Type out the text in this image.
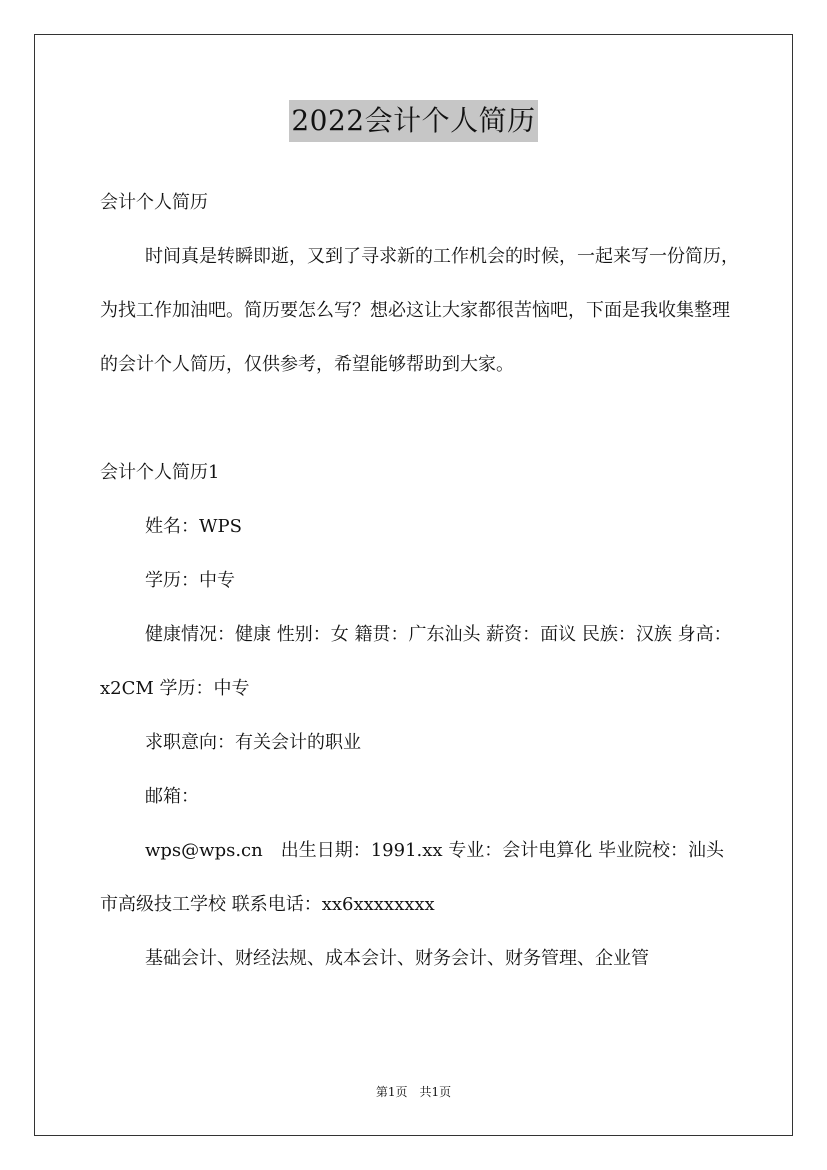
2022会计个人简历

会计个人简历

时间真是转瞬即逝，又到了寻求新的工作机会的时候，一起来写一份简历，为找工作加油吧。简历要怎么写？想必这让大家都很苦恼吧，下面是我收集整理的会计个人简历，仅供参考，希望能够帮助到大家。

会计个人简历1

姓名：WPS

学历：中专

健康情况：健康 性别：女 籍贯：广东汕头 薪资：面议 民族：汉族 身高：x2CM 学历：中专

求职意向：有关会计的职业

邮箱：

wps@wps.cn　出生日期：1991.xx 专业：会计电算化 毕业院校：汕头市高级技工学校 联系电话：xx6xxxxxxxx

基础会计、财经法规、成本会计、财务会计、财务管理、企业管

第1页　共1页
